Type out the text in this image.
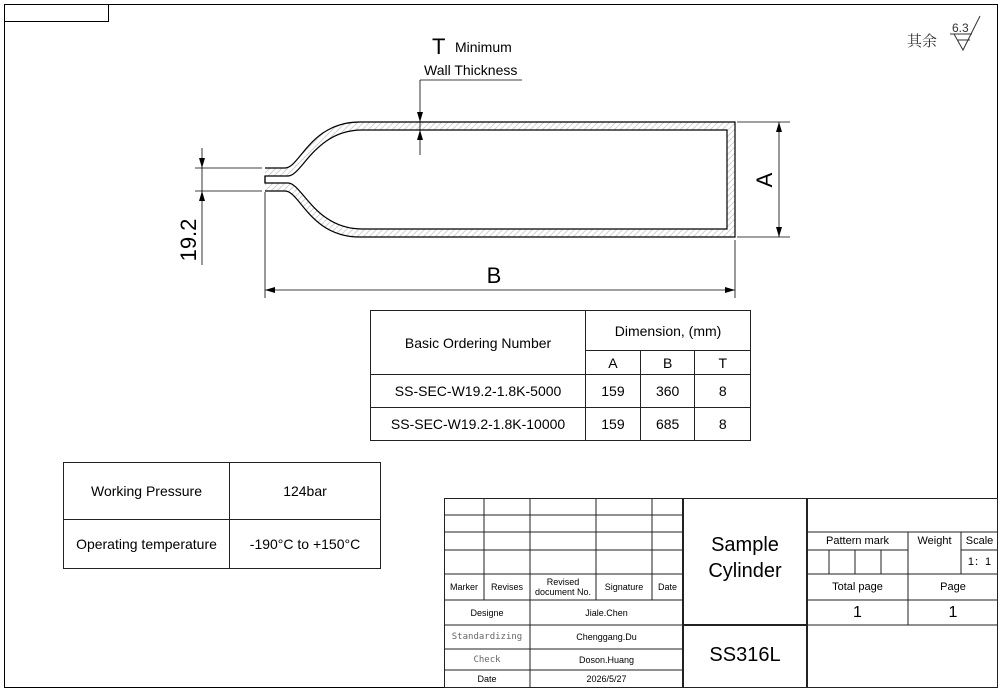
A
B
19.2
T Minimum
Wall Thickness
其余
6.3
Basic Ordering Number	Dimension, (mm)		
	A	B	T
SS-SEC-W19.2-1.8K-5000	159	360	8
SS-SEC-W19.2-1.8K-10000	159	685	8
Working Pressure	124bar
Operating temperature	-190°C to +150°C
Marker	Revises	Revised document No.	Signature	Date
Designe	Jiale.Chen
Standardizing	Chenggang.Du
Check	Doson.Huang
Date	2026/5/27
Sample Cylinder
SS316L
Pattern mark	Weight	Scale
1：1
Total page	Page
1	1
